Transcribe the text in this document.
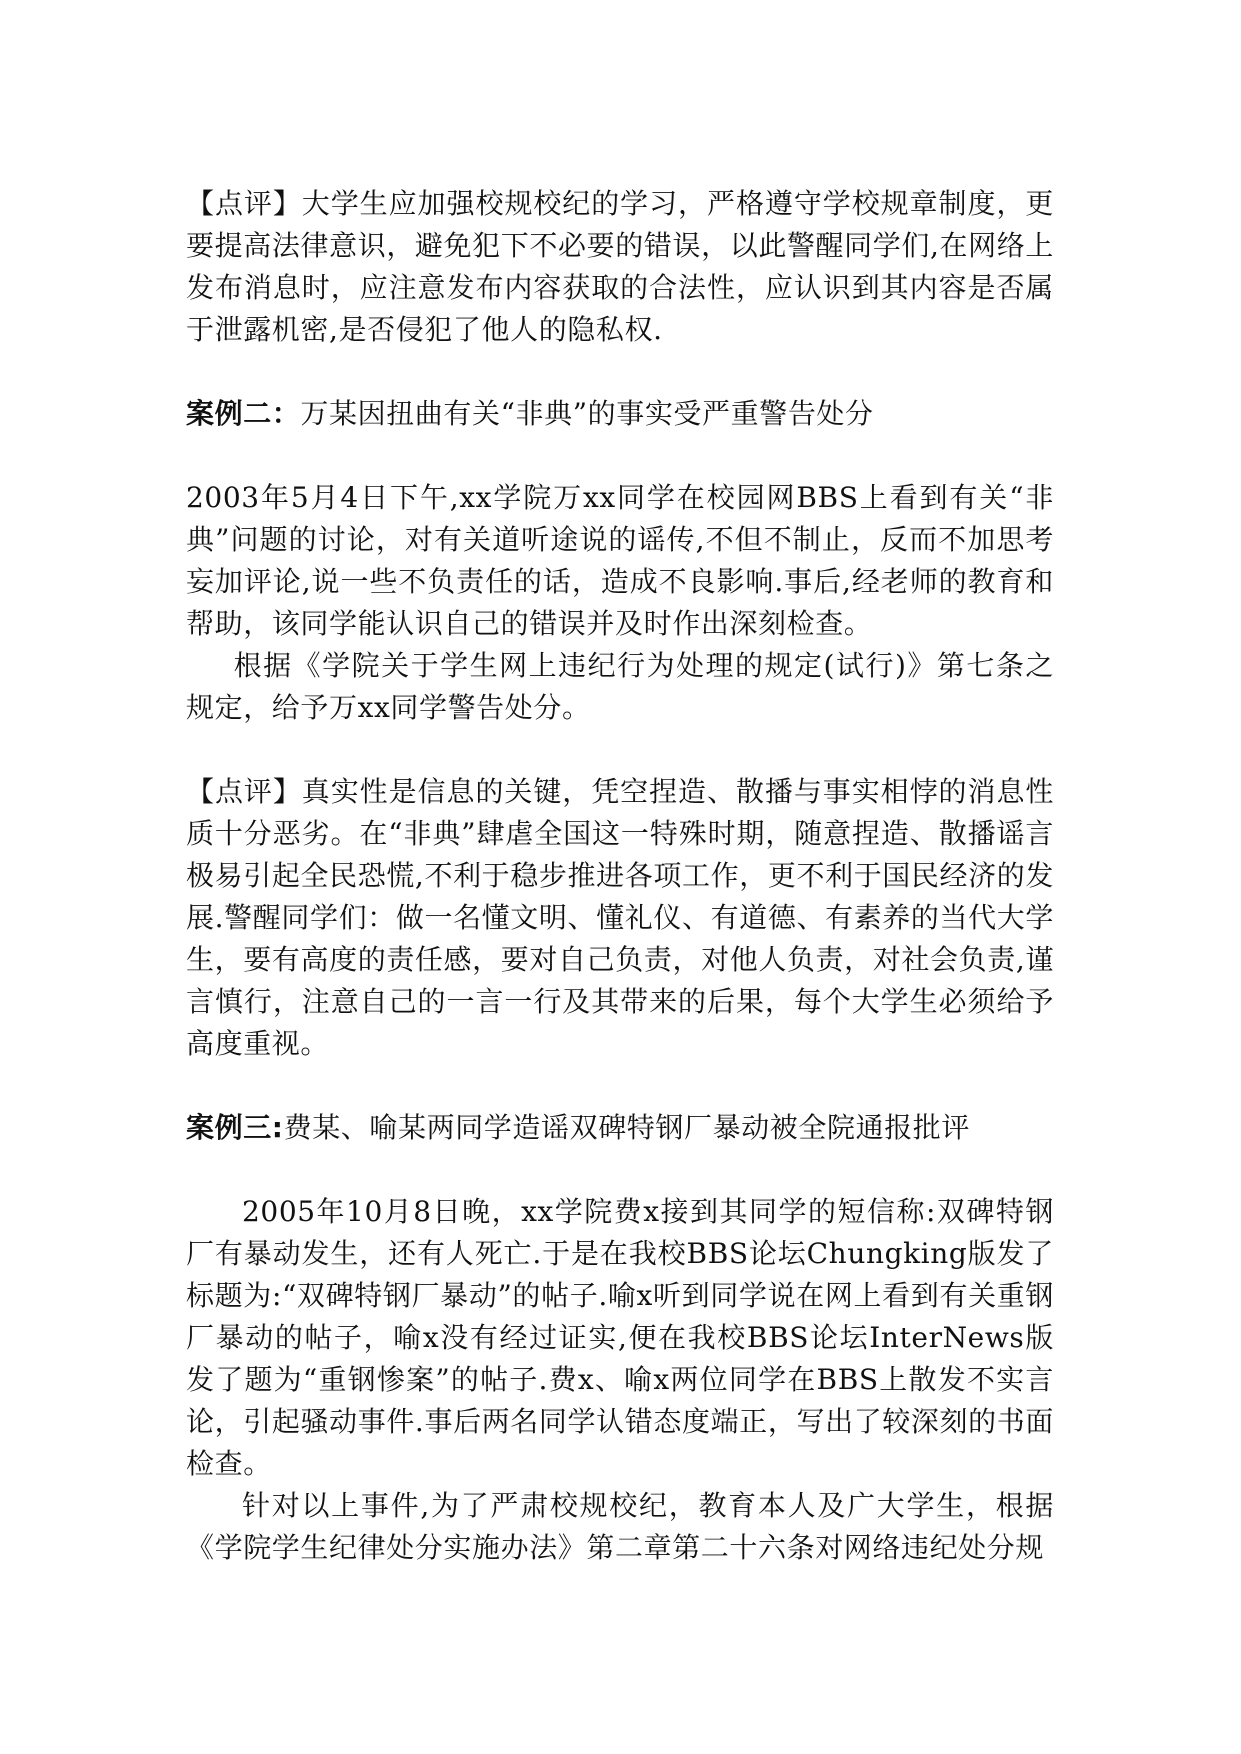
【点评】大学生应加强校规校纪的学习，严格遵守学校规章制度，更要提高法律意识，避免犯下不必要的错误，以此警醒同学们,在网络上发布消息时，应注意发布内容获取的合法性，应认识到其内容是否属于泄露机密,是否侵犯了他人的隐私权.

案例二：万某因扭曲有关“非典”的事实受严重警告处分

2003年5月4日下午,xx学院万xx同学在校园网BBS上看到有关“非典”问题的讨论，对有关道听途说的谣传,不但不制止，反而不加思考妄加评论,说一些不负责任的话，造成不良影响.事后,经老师的教育和帮助，该同学能认识自己的错误并及时作出深刻检查。

根据《学院关于学生网上违纪行为处理的规定(试行)》第七条之规定，给予万xx同学警告处分。

【点评】真实性是信息的关键，凭空捏造、散播与事实相悖的消息性质十分恶劣。在“非典”肆虐全国这一特殊时期，随意捏造、散播谣言极易引起全民恐慌,不利于稳步推进各项工作，更不利于国民经济的发展.警醒同学们：做一名懂文明、懂礼仪、有道德、有素养的当代大学生，要有高度的责任感，要对自己负责，对他人负责，对社会负责,谨言慎行，注意自己的一言一行及其带来的后果，每个大学生必须给予高度重视。

案例三:费某、喻某两同学造谣双碑特钢厂暴动被全院通报批评

2005年10月8日晚，xx学院费x接到其同学的短信称:双碑特钢厂有暴动发生，还有人死亡.于是在我校BBS论坛Chungking版发了标题为:“双碑特钢厂暴动”的帖子.喻x听到同学说在网上看到有关重钢厂暴动的帖子，喻x没有经过证实,便在我校BBS论坛InterNews版发了题为“重钢惨案”的帖子.费x、喻x两位同学在BBS上散发不实言论，引起骚动事件.事后两名同学认错态度端正，写出了较深刻的书面检查。

针对以上事件,为了严肃校规校纪，教育本人及广大学生，根据《学院学生纪律处分实施办法》第二章第二十六条对网络违纪处分规
